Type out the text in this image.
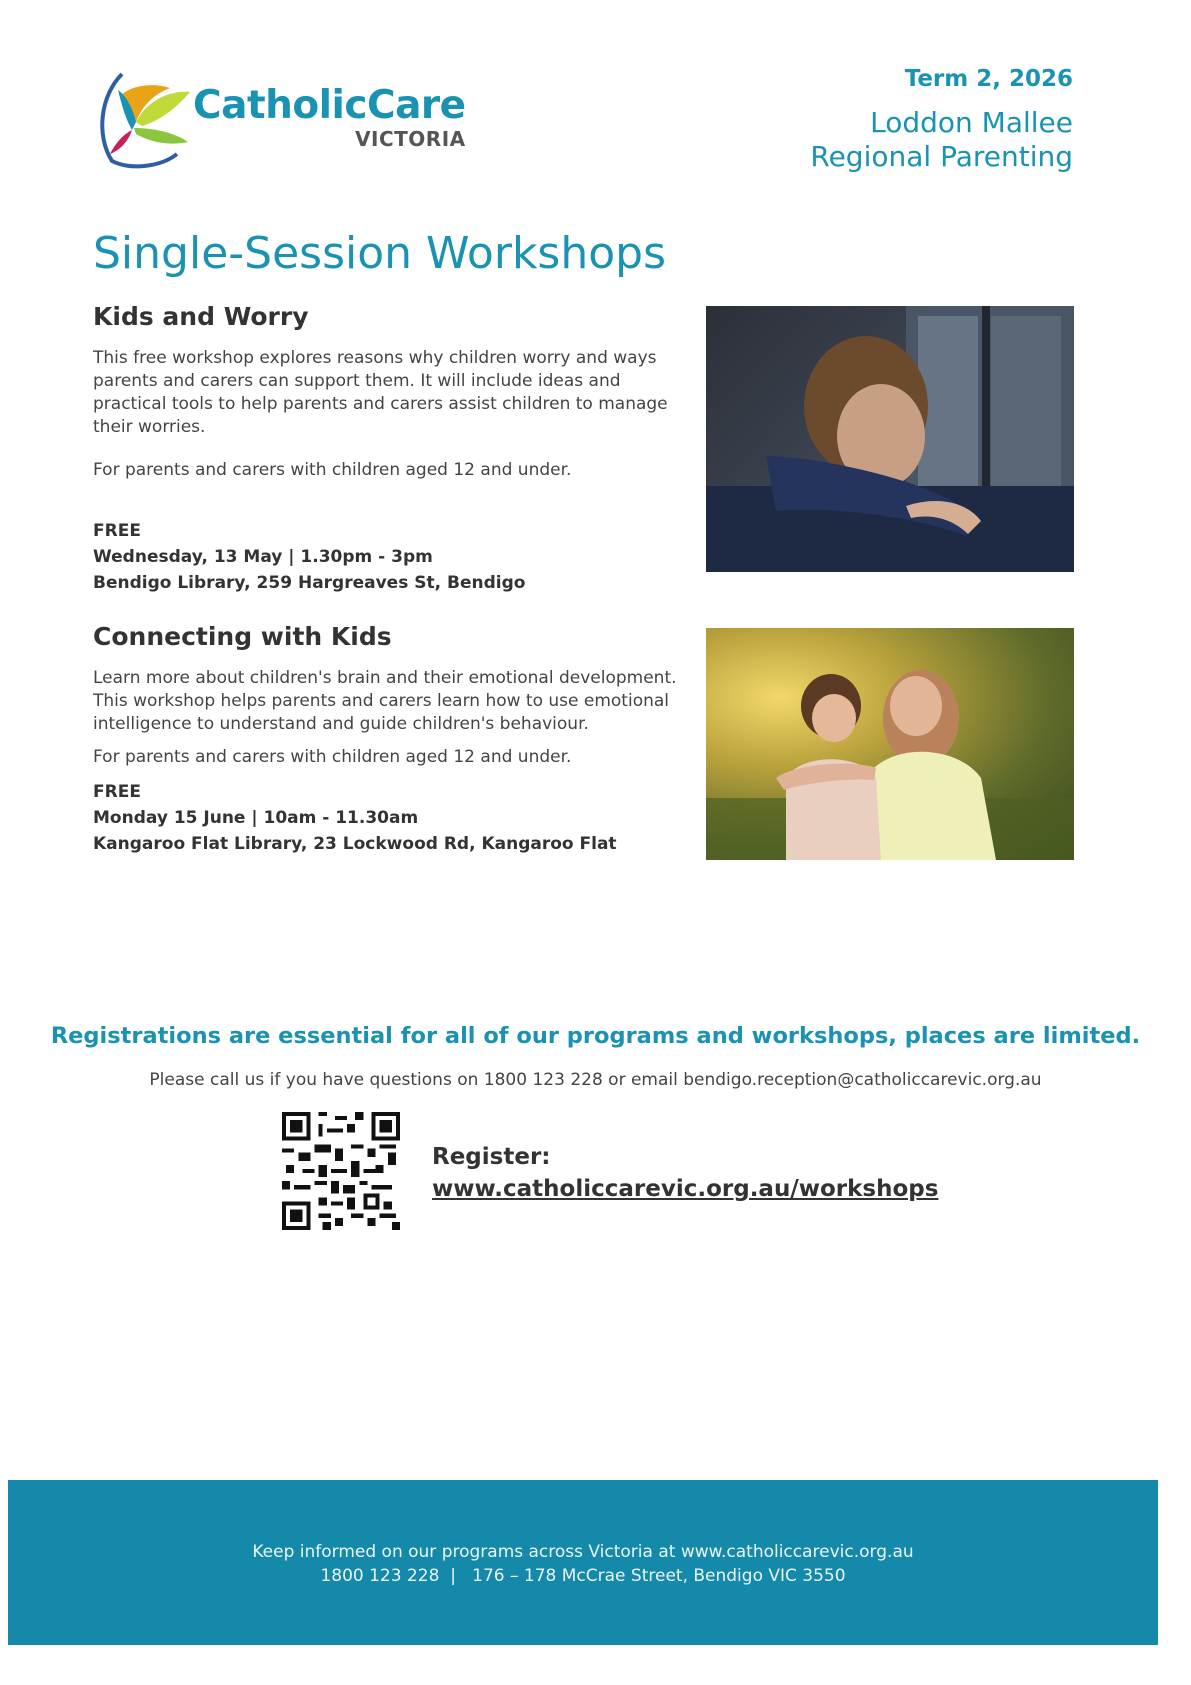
CatholicCare
VICTORIA
Term 2, 2026
Loddon Mallee
Regional Parenting
Single-Session Workshops
Kids and Worry

This free workshop explores reasons why children worry and ways parents and carers can support them. It will include ideas and practical tools to help parents and carers assist children to manage their worries.

For parents and carers with children aged 12 and under.

FREE
Wednesday, 13 May | 1.30pm - 3pm
Bendigo Library, 259 Hargreaves St, Bendigo
Connecting with Kids

Learn more about children's brain and their emotional development. This workshop helps parents and carers learn how to use emotional intelligence to understand and guide children's behaviour.

For parents and carers with children aged 12 and under.

FREE
Monday 15 June | 10am - 11.30am
Kangaroo Flat Library, 23 Lockwood Rd, Kangaroo Flat
Registrations are essential for all of our programs and workshops, places are limited.
Please call us if you have questions on 1800 123 228 or email bendigo.reception@catholiccarevic.org.au
Register:
www.catholiccarevic.org.au/workshops
Keep informed on our programs across Victoria at www.catholiccarevic.org.au
1800 123 228  |   176 – 178 McCrae Street, Bendigo VIC 3550
